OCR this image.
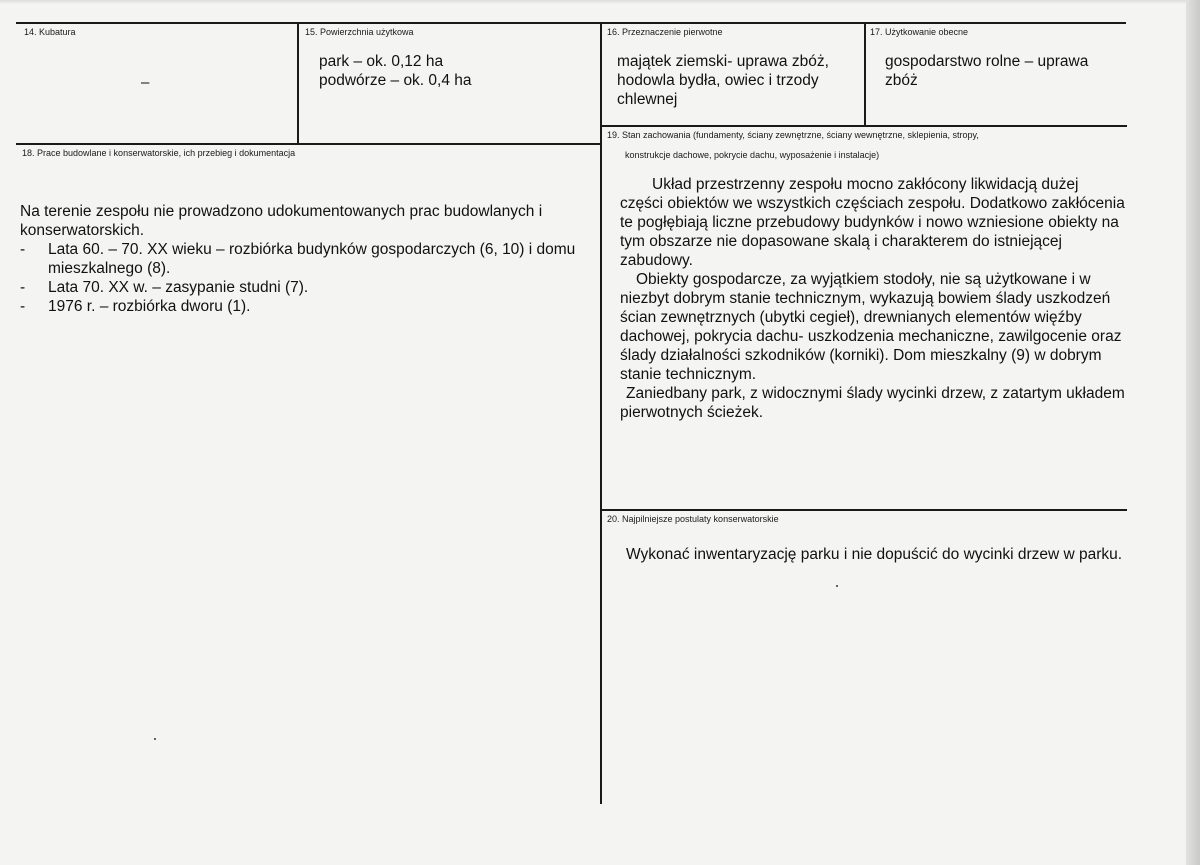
14. Kubatura
–
15. Powierzchnia użytkowa

park – ok. 0,12 ha

podwórze – ok. 0,4 ha

16. Przeznaczenie pierwotne
majątek ziemski- uprawa zbóż, hodowla bydła, owiec i trzody chlewnej
17. Użytkowanie obecne
gospodarstwo rolne – uprawa zbóż
18. Prace budowlane i konserwatorskie, ich przebieg i dokumentacja

Na terenie zespołu nie prowadzono udokumentowanych prac budowlanych i konserwatorskich.

- Lata 60. – 70. XX wieku – rozbiórka budynków gospodarczych (6, 10) i domu mieszkalnego (8).
- Lata 70. XX w. – zasypanie studni (7).
- 1976 r. – rozbiórka dworu (1).
19. Stan zachowania (fundamenty, ściany zewnętrzne, ściany wewnętrzne, sklepienia, stropy,
konstrukcje dachowe, pokrycie dachu, wyposażenie i instalacje)

Układ przestrzenny zespołu mocno zakłócony likwidacją dużej części obiektów we wszystkich częściach zespołu. Dodatkowo zakłócenia te pogłębiają liczne przebudowy budynków i nowo wzniesione obiekty na tym obszarze nie dopasowane skalą i charakterem do istniejącej zabudowy.

Obiekty gospodarcze, za wyjątkiem stodoły, nie są użytkowane i w niezbyt dobrym stanie technicznym, wykazują bowiem ślady uszkodzeń ścian zewnętrznych (ubytki cegieł), drewnianych elementów więźby dachowej, pokrycia dachu- uszkodzenia mechaniczne, zawilgocenie oraz ślady działalności szkodników (korniki). Dom mieszkalny (9) w dobrym stanie technicznym.

Zaniedbany park, z widocznymi ślady wycinki drzew, z zatartym układem pierwotnych ścieżek.

20. Najpilniejsze postulaty konserwatorskie
Wykonać inwentaryzację parku i nie dopuścić do wycinki drzew w parku.
